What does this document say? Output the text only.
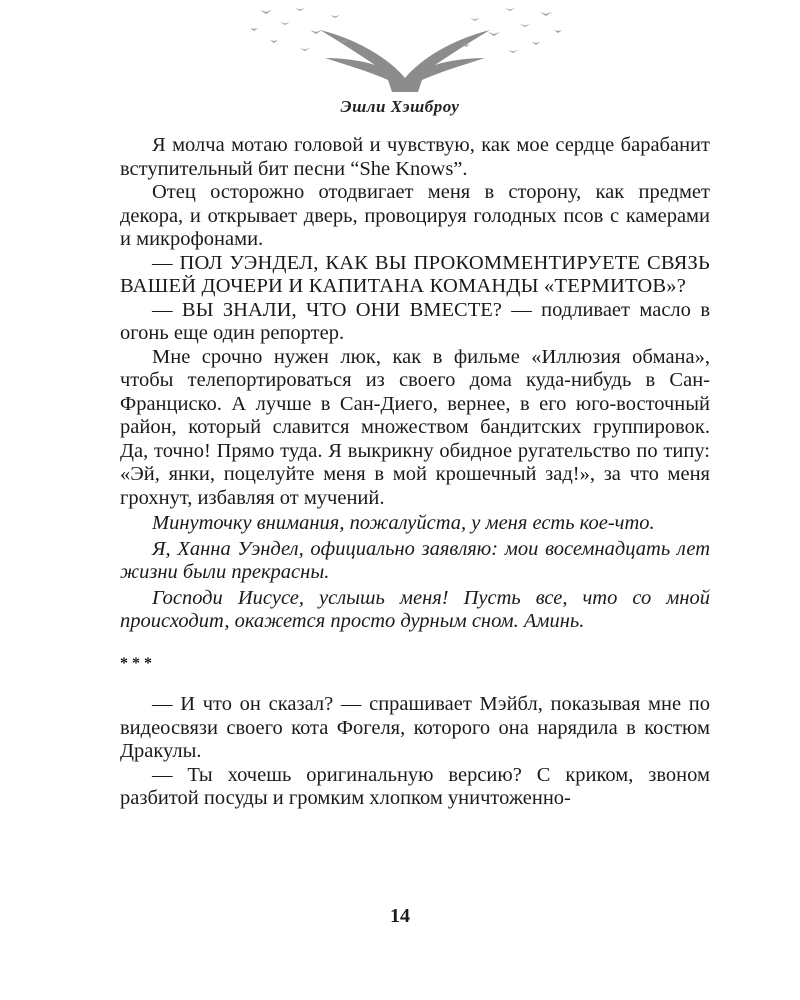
Эшли Хэшброу

Я молча мотаю головой и чувствую, как мое сердце барабанит вступительный бит песни “She Knows”.

Отец осторожно отодвигает меня в сторону, как предмет декора, и открывает дверь, провоцируя голодных псов с камерами и микрофонами.

— ПОЛ УЭНДЕЛ, КАК ВЫ ПРОКОММЕНТИРУЕТЕ СВЯЗЬ ВАШЕЙ ДОЧЕРИ И КАПИТАНА КОМАНДЫ «ТЕРМИТОВ»?

— ВЫ ЗНАЛИ, ЧТО ОНИ ВМЕСТЕ? — подливает масло в огонь еще один репортер.

Мне срочно нужен люк, как в фильме «Иллюзия обмана», чтобы телепортироваться из своего дома куда-нибудь в Сан-Франциско. А лучше в Сан-Диего, вернее, в его юго-восточный район, который славится множеством бандитских группировок. Да, точно! Прямо туда. Я выкрикну обидное ругательство по типу: «Эй, янки, поцелуйте меня в мой крошечный зад!», за что меня грохнут, избавляя от мучений.

Минуточку внимания, пожалуйста, у меня есть кое-что.

Я, Ханна Уэндел, официально заявляю: мои восемнадцать лет жизни были прекрасны.

Господи Иисусе, услышь меня! Пусть все, что со мной происходит, окажется просто дурным сном. Аминь.

***

— И что он сказал? — спрашивает Мэйбл, показывая мне по видеосвязи своего кота Фогеля, которого она нарядила в костюм Дракулы.

— Ты хочешь оригинальную версию? С криком, звоном разбитой посуды и громким хлопком уничтоженно-

14
